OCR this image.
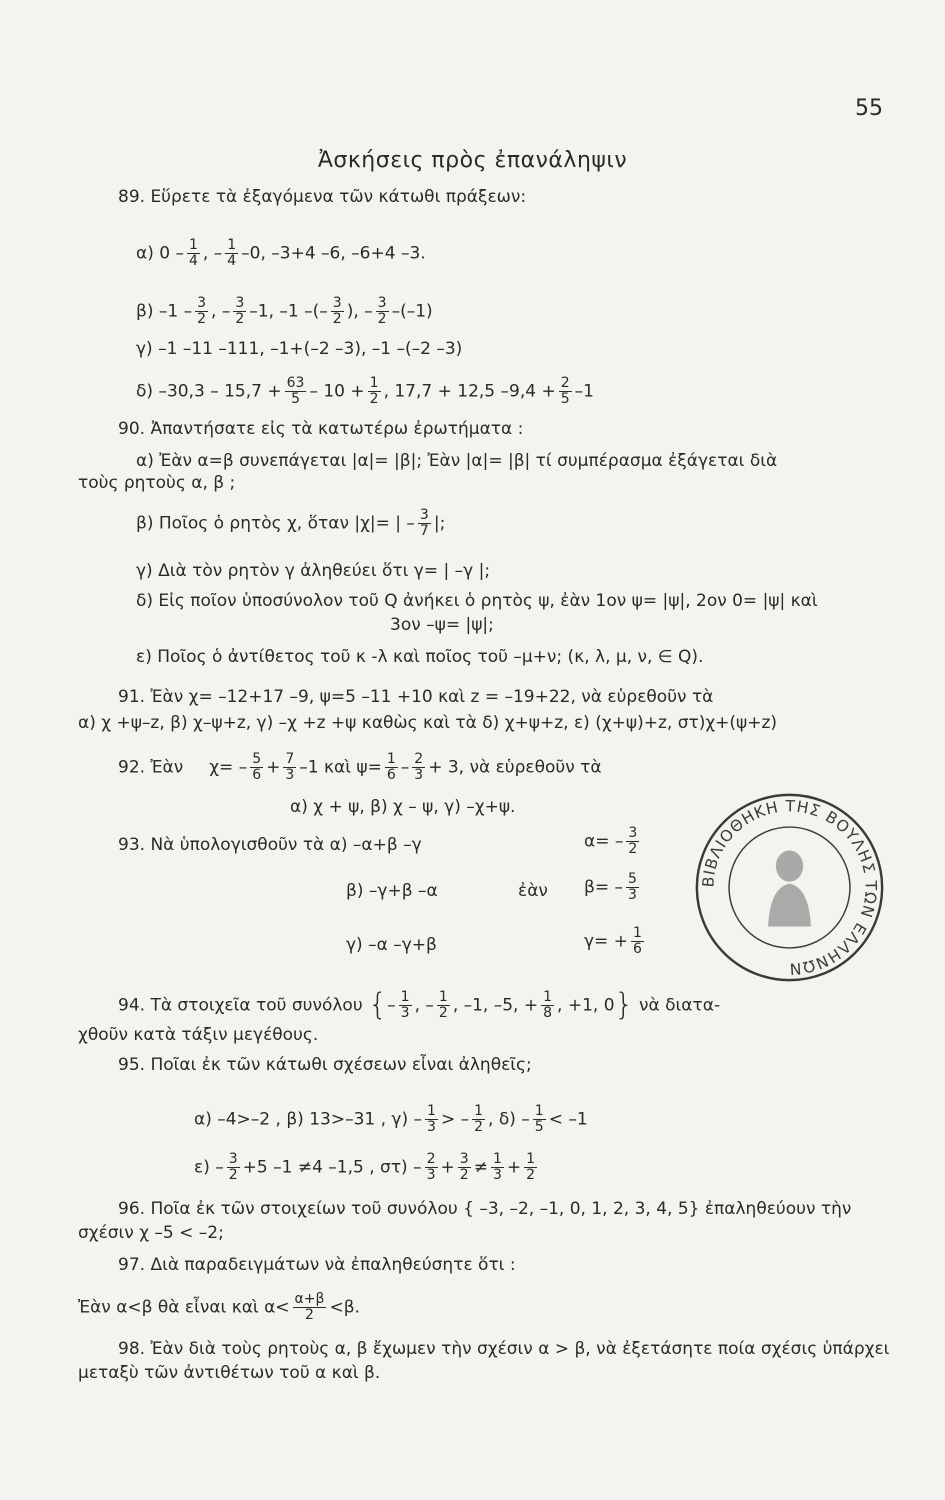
55
Ἀσκήσεις πρὸς ἐπανάληψιν
89. Εὕρετε τὰ ἐξαγόμενα τῶν κάτωθι πράξεων:
α) $0 - \frac{1}{4}$ , – $\frac{1}{4} -0$, –3+4 –6, –6+4 –3.
β) $-1 - \frac{3}{2}$ , – $\frac{3}{2} -1$, –1 –(– $\frac{3}{2}$ ), – $\frac{3}{2} -(-1)$
γ) –1 –11 –111, –1+(–2 –3), –1 –(–2 –3)
δ) $-30,3 - 15,7 + \frac{63}{5} - 10 + \frac{1}{2}$ , 17,7 + 12,5 $-9,4 + \frac{2}{5} -1$
90. Ἀπαντήσατε εἰς τὰ κατωτέρω ἐρωτήματα :
α) Ἐὰν α=β συνεπάγεται |α|= |β|; Ἐὰν |α|= |β| τί συμπέρασμα ἐξάγεται διὰ
τοὺς ρητοὺς α, β ;
β) Ποῖος ὁ ρητὸς χ, ὅταν |χ|= | – $\frac{3}{7}$ |;
γ) Διὰ τὸν ρητὸν γ ἀληθεύει ὅτι γ= | –γ |;
δ) Εἰς ποῖον ὑποσύνολον τοῦ Q ἀνήκει ὁ ρητὸς ψ, ἐὰν 1ον ψ= |ψ|, 2ον 0= |ψ| καὶ
3ον –ψ= |ψ|;
ε) Ποῖος ὁ ἀντίθετος τοῦ κ -λ καὶ ποῖος τοῦ –μ+ν; (κ, λ, μ, ν, ∈ Q).
91. Ἐὰν χ= –12+17 –9, ψ=5 –11 +10 καὶ z = –19+22, νὰ εὑρεθοῦν τὰ
α) χ +ψ–z, β) χ–ψ+z, γ) –χ +z +ψ καθὼς καὶ τὰ δ) χ+ψ+z, ε) (χ+ψ)+z, στ)χ+(ψ+z)
92. Ἐὰν $\chi= - \frac{5}{6} + \frac{7}{3} -1$ καὶ $\psi= \frac{1}{6} - \frac{2}{3} + 3$, νὰ εὑρεθοῦν τὰ
α) χ + ψ, β) χ – ψ, γ) –χ+ψ.
93. Νὰ ὑπολογισθοῦν τὰ α) –α+β –γ	$\alpha= - \frac{3}{2}$
β) –γ+β –α	ἐὰν $\beta= - \frac{5}{3}$
γ) –α –γ+β	$\gamma= + \frac{1}{6}$
94. Τὰ στοιχεῖα τοῦ συνόλου {– $\frac{1}{3}$ , – $\frac{1}{2}$ , –1, –5, + $\frac{1}{8}$ , +1, 0} νὰ διατα-
χθοῦν κατὰ τάξιν μεγέθους.
95. Ποῖαι ἐκ τῶν κάτωθι σχέσεων εἶναι ἀληθεῖς;
α) –4>–2 , β) 13>–31 , $\gamma) - \frac{1}{3}$ > – $\frac{1}{2}$ , $\delta) - \frac{1}{5} < -1$
$\varepsilon) - \frac{3}{2} +5$ –1 ≠4 –1,5 , $\sigma\tau) - \frac{2}{3} + \frac{3}{2} \ne \frac{1}{3} + \frac{1}{2}$
96. Ποῖα ἐκ τῶν στοιχείων τοῦ συνόλου { –3, –2, –1, 0, 1, 2, 3, 4, 5} ἐπαληθεύουν τὴν
σχέσιν χ –5 < –2;
97. Διὰ παραδειγμάτων νὰ ἐπαληθεύσητε ὅτι :
Ἐὰν α<β θὰ εἶναι καὶ $\alpha< \frac{\alpha+\beta}{2} <\beta$.
98. Ἐὰν διὰ τοὺς ρητοὺς α, β ἔχωμεν τὴν σχέσιν α > β, νὰ ἐξετάσητε ποία σχέσις ὑπάρχει
μεταξὺ τῶν ἀντιθέτων τοῦ α καὶ β.
ΒΙΒΛΙΟΘΗΚΗ ΤΗΣ ΒΟΥΛΗΣ ΤΩΝ ΕΛΛΗΝΩΝ
